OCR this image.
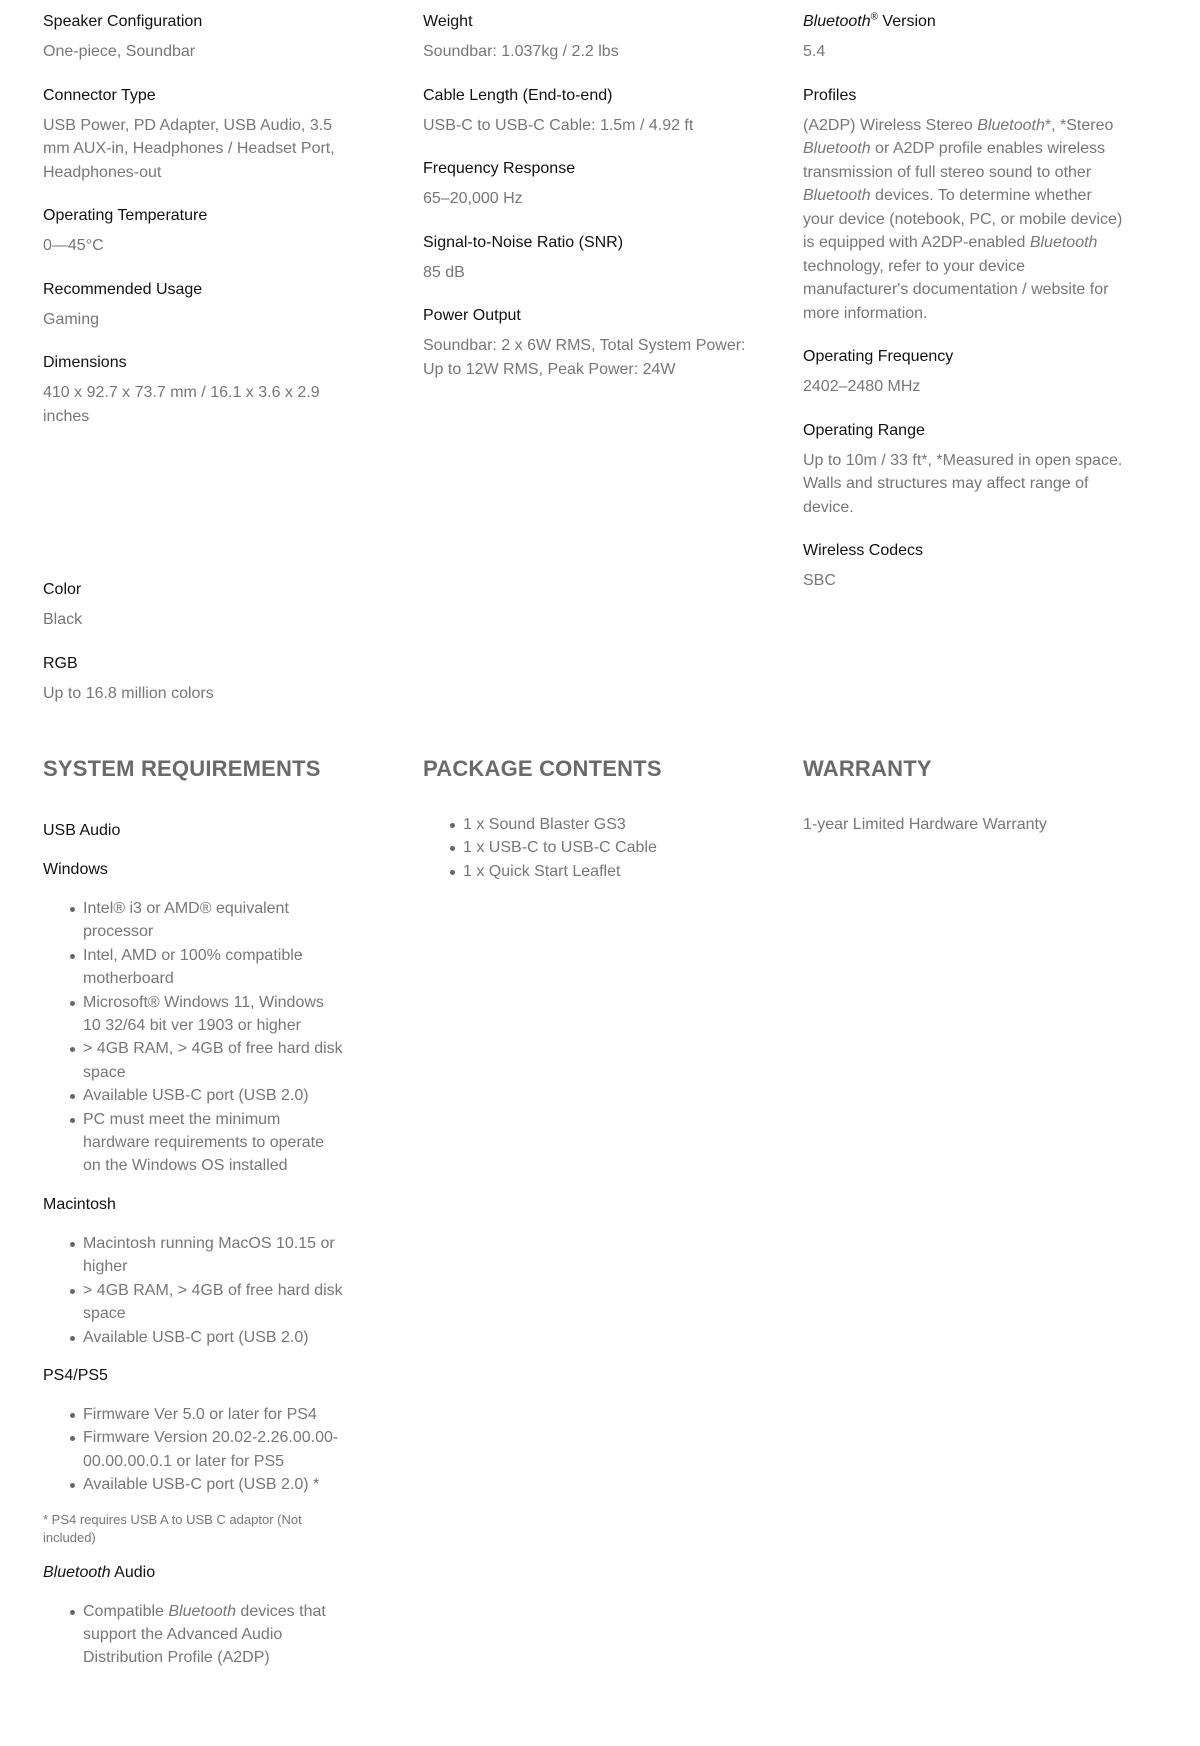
Speaker Configuration

One-piece, Soundbar

Connector Type

USB Power, PD Adapter, USB Audio, 3.5 mm AUX-in, Headphones / Headset Port, Headphones-out

Operating Temperature

0—45°C

Recommended Usage

Gaming

Dimensions

410 x 92.7 x 73.7 mm / 16.1 x 3.6 x 2.9 inches

Weight

Soundbar: 1.037kg / 2.2 lbs

Cable Length (End-to-end)

USB-C to USB-C Cable: 1.5m / 4.92 ft

Frequency Response

65–20,000 Hz

Signal-to-Noise Ratio (SNR)

85 dB

Power Output

Soundbar: 2 x 6W RMS, Total System Power: Up to 12W RMS, Peak Power: 24W

Bluetooth® Version

5.4

Profiles

(A2DP) Wireless Stereo Bluetooth*, *Stereo Bluetooth or A2DP profile enables wireless transmission of full stereo sound to other Bluetooth devices. To determine whether your device (notebook, PC, or mobile device) is equipped with A2DP-enabled Bluetooth technology, refer to your device manufacturer's documentation / website for more information.

Operating Frequency

2402–2480 MHz

Operating Range

Up to 10m / 33 ft*, *Measured in open space. Walls and structures may affect range of device.

Wireless Codecs

SBC

Color

Black

RGB

Up to 16.8 million colors

SYSTEM REQUIREMENTS

USB Audio

Windows

Intel® i3 or AMD® equivalent processor
Intel, AMD or 100% compatible motherboard
Microsoft® Windows 11, Windows 10 32/64 bit ver 1903 or higher
> 4GB RAM, > 4GB of free hard disk space
Available USB-C port (USB 2.0)
PC must meet the minimum hardware requirements to operate on the Windows OS installed

Macintosh

Macintosh running MacOS 10.15 or higher
> 4GB RAM, > 4GB of free hard disk space
Available USB-C port (USB 2.0)

PS4/PS5

Firmware Ver 5.0 or later for PS4
Firmware Version 20.02-2.26.00.00-00.00.00.0.1 or later for PS5
Available USB-C port (USB 2.0) *

* PS4 requires USB A to USB C adaptor (Not included)

Bluetooth Audio

Compatible Bluetooth devices that support the Advanced Audio Distribution Profile (A2DP)
PACKAGE CONTENTS
1 x Sound Blaster GS3
1 x USB-C to USB-C Cable
1 x Quick Start Leaflet
WARRANTY

1-year Limited Hardware Warranty
